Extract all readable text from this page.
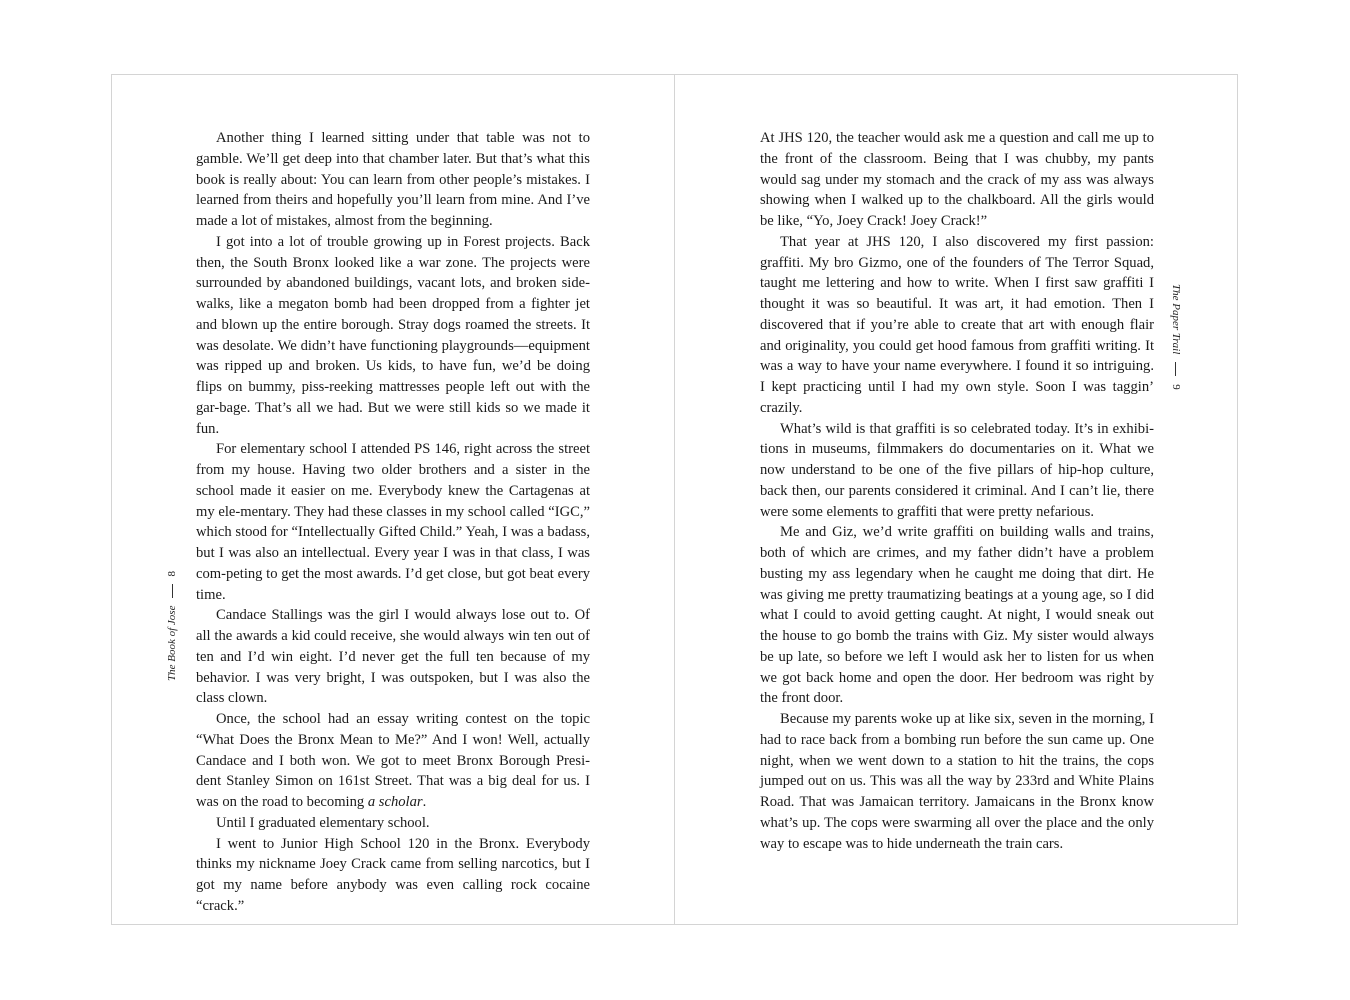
Another thing I learned sitting under that table was not to gamble. We’ll get deep into that chamber later. But that’s what this book is really about: You can learn from other people’s mistakes. I learned from theirs and hopefully you’ll learn from mine. And I’ve made a lot of mistakes, almost from the beginning.

I got into a lot of trouble growing up in Forest projects. Back then, the South Bronx looked like a war zone. The projects were surrounded by abandoned buildings, vacant lots, and broken side-walks, like a megaton bomb had been dropped from a fighter jet and blown up the entire borough. Stray dogs roamed the streets. It was desolate. We didn’t have functioning playgrounds—equipment was ripped up and broken. Us kids, to have fun, we’d be doing flips on bummy, piss-reeking mattresses people left out with the gar-bage. That’s all we had. But we were still kids so we made it fun.

For elementary school I attended PS 146, right across the street from my house. Having two older brothers and a sister in the school made it easier on me. Everybody knew the Cartagenas at my ele-mentary. They had these classes in my school called “IGC,” which stood for “Intellectually Gifted Child.” Yeah, I was a badass, but I was also an intellectual. Every year I was in that class, I was com-peting to get the most awards. I’d get close, but got beat every time.

Candace Stallings was the girl I would always lose out to. Of all the awards a kid could receive, she would always win ten out of ten and I’d win eight. I’d never get the full ten because of my behavior. I was very bright, I was outspoken, but I was also the class clown.

Once, the school had an essay writing contest on the topic “What Does the Bronx Mean to Me?” And I won! Well, actually Candace and I both won. We got to meet Bronx Borough Presi-dent Stanley Simon on 161st Street. That was a big deal for us. I was on the road to becoming a scholar.

Until I graduated elementary school.

I went to Junior High School 120 in the Bronx. Everybody thinks my nickname Joey Crack came from selling narcotics, but I got my name before anybody was even calling rock cocaine “crack.”

At JHS 120, the teacher would ask me a question and call me up to the front of the classroom. Being that I was chubby, my pants would sag under my stomach and the crack of my ass was always showing when I walked up to the chalkboard. All the girls would be like, “Yo, Joey Crack! Joey Crack!”

That year at JHS 120, I also discovered my first passion: graffiti. My bro Gizmo, one of the founders of The Terror Squad, taught me lettering and how to write. When I first saw graffiti I thought it was so beautiful. It was art, it had emotion. Then I discovered that if you’re able to create that art with enough flair and originality, you could get hood famous from graffiti writing. It was a way to have your name everywhere. I found it so intriguing. I kept practicing until I had my own style. Soon I was taggin’ crazily.

What’s wild is that graffiti is so celebrated today. It’s in exhibi-tions in museums, filmmakers do documentaries on it. What we now understand to be one of the five pillars of hip-hop culture, back then, our parents considered it criminal. And I can’t lie, there were some elements to graffiti that were pretty nefarious.

Me and Giz, we’d write graffiti on building walls and trains, both of which are crimes, and my father didn’t have a problem busting my ass legendary when he caught me doing that dirt. He was giving me pretty traumatizing beatings at a young age, so I did what I could to avoid getting caught. At night, I would sneak out the house to go bomb the trains with Giz. My sister would always be up late, so before we left I would ask her to listen for us when we got back home and open the door. Her bedroom was right by the front door.

Because my parents woke up at like six, seven in the morning, I had to race back from a bombing run before the sun came up. One night, when we went down to a station to hit the trains, the cops jumped out on us. This was all the way by 233rd and White Plains Road. That was Jamaican territory. Jamaicans in the Bronx know what’s up. The cops were swarming all over the place and the only way to escape was to hide underneath the train cars.

The Book of Jose
8
The Paper Trail
9
